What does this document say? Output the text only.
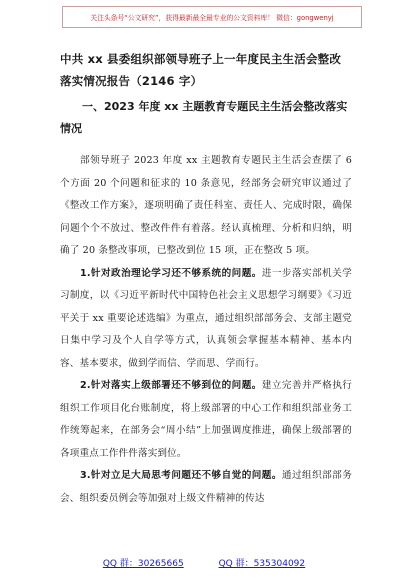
关注头条号“公文研究”，获得最新最全最专业的公文资料库！ 微信：gongwenyj
中共 xx 县委组织部领导班子上一年度民主生活会整改落实情况报告（2146 字）
一、2023 年度 xx 主题教育专题民主生活会整改落实情况

部领导班子 2023 年度 xx 主题教育专题民主生活会查摆了 6 个方面 20 个问题和征求的 10 条意见，经部务会研究审议通过了《整改工作方案》，逐项明确了责任科室、责任人、完成时限，确保问题个个不放过、整改件件有着落。经认真梳理、分析和归纳，明确了 20 条整改事项，已整改到位 15 项，正在整改 5 项。

1.针对政治理论学习还不够系统的问题。进一步落实部机关学习制度，以《习近平新时代中国特色社会主义思想学习纲要》《习近平关于 xx 重要论述选编》为重点，通过组织部部务会、支部主题党日集中学习及个人自学等方式，认真领会掌握基本精神、基本内容、基本要求，做到学而信、学而思、学而行。

2.针对落实上级部署还不够到位的问题。建立完善并严格执行组织工作项目化台账制度，将上级部署的中心工作和组织部业务工作统筹起来，在部务会“周小结”上加强调度推进，确保上级部署的各项重点工作件件落实到位。

3.针对立足大局思考问题还不够自觉的问题。通过组织部部务会、组织委员例会等加强对上级文件精神的传达

QQ 群：30265665	QQ 群：535304092
